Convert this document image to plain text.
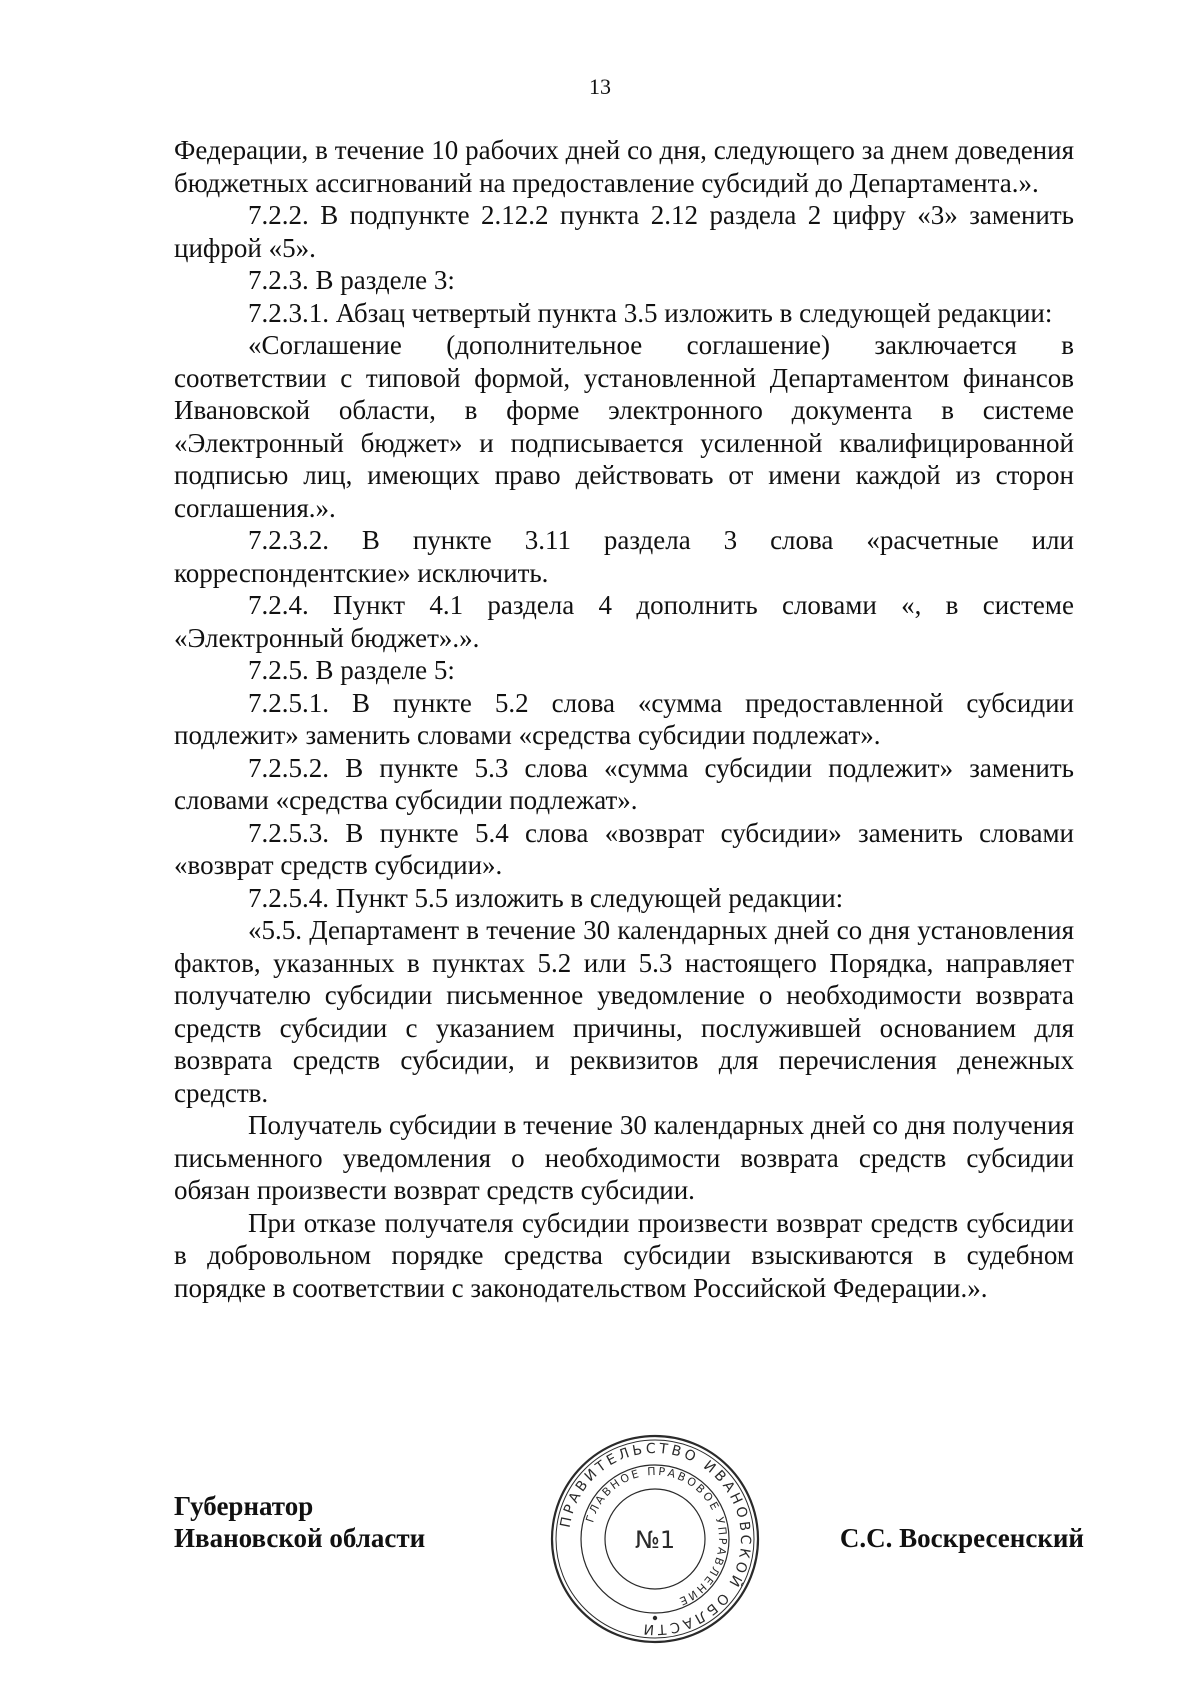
13

Федерации, в течение 10 рабочих дней со дня, следующего за днем доведения бюджетных ассигнований на предоставление субсидий до Департамента.».

7.2.2. В подпункте 2.12.2 пункта 2.12 раздела 2 цифру «3» заменить цифрой «5».

7.2.3. В разделе 3:

7.2.3.1. Абзац четвертый пункта 3.5 изложить в следующей редакции:

«Соглашение (дополнительное соглашение) заключается в соответствии с типовой формой, установленной Департаментом финансов Ивановской области, в форме электронного документа в системе «Электронный бюджет» и подписывается усиленной квалифицированной подписью лиц, имеющих право действовать от имени каждой из сторон соглашения.».

7.2.3.2. В пункте 3.11 раздела 3 слова «расчетные или корреспондентские» исключить.

7.2.4. Пункт 4.1 раздела 4 дополнить словами «, в системе «Электронный бюджет».».

7.2.5. В разделе 5:

7.2.5.1. В пункте 5.2 слова «сумма предоставленной субсидии подлежит» заменить словами «средства субсидии подлежат».

7.2.5.2. В пункте 5.3 слова «сумма субсидии подлежит» заменить словами «средства субсидии подлежат».

7.2.5.3. В пункте 5.4 слова «возврат субсидии» заменить словами «возврат средств субсидии».

7.2.5.4. Пункт 5.5 изложить в следующей редакции:

«5.5. Департамент в течение 30 календарных дней со дня установления фактов, указанных в пунктах 5.2 или 5.3 настоящего Порядка, направляет получателю субсидии письменное уведомление о необходимости возврата средств субсидии с указанием причины, послужившей основанием для возврата средств субсидии, и реквизитов для перечисления денежных средств.

Получатель субсидии в течение 30 календарных дней со дня получения письменного уведомления о необходимости возврата средств субсидии обязан произвести возврат средств субсидии.

При отказе получателя субсидии произвести возврат средств субсидии в добровольном порядке средства субсидии взыскиваются в судебном порядке в соответствии с законодательством Российской Федерации.».

Губернатор
Ивановской области	С.С. Воскресенский
ПРАВИТЕЛЬСТВО ИВАНОВСКОЙ ОБЛАСТИ
ГЛАВНОЕ ПРАВОВОЕ УПРАВЛЕНИЕ
№1
